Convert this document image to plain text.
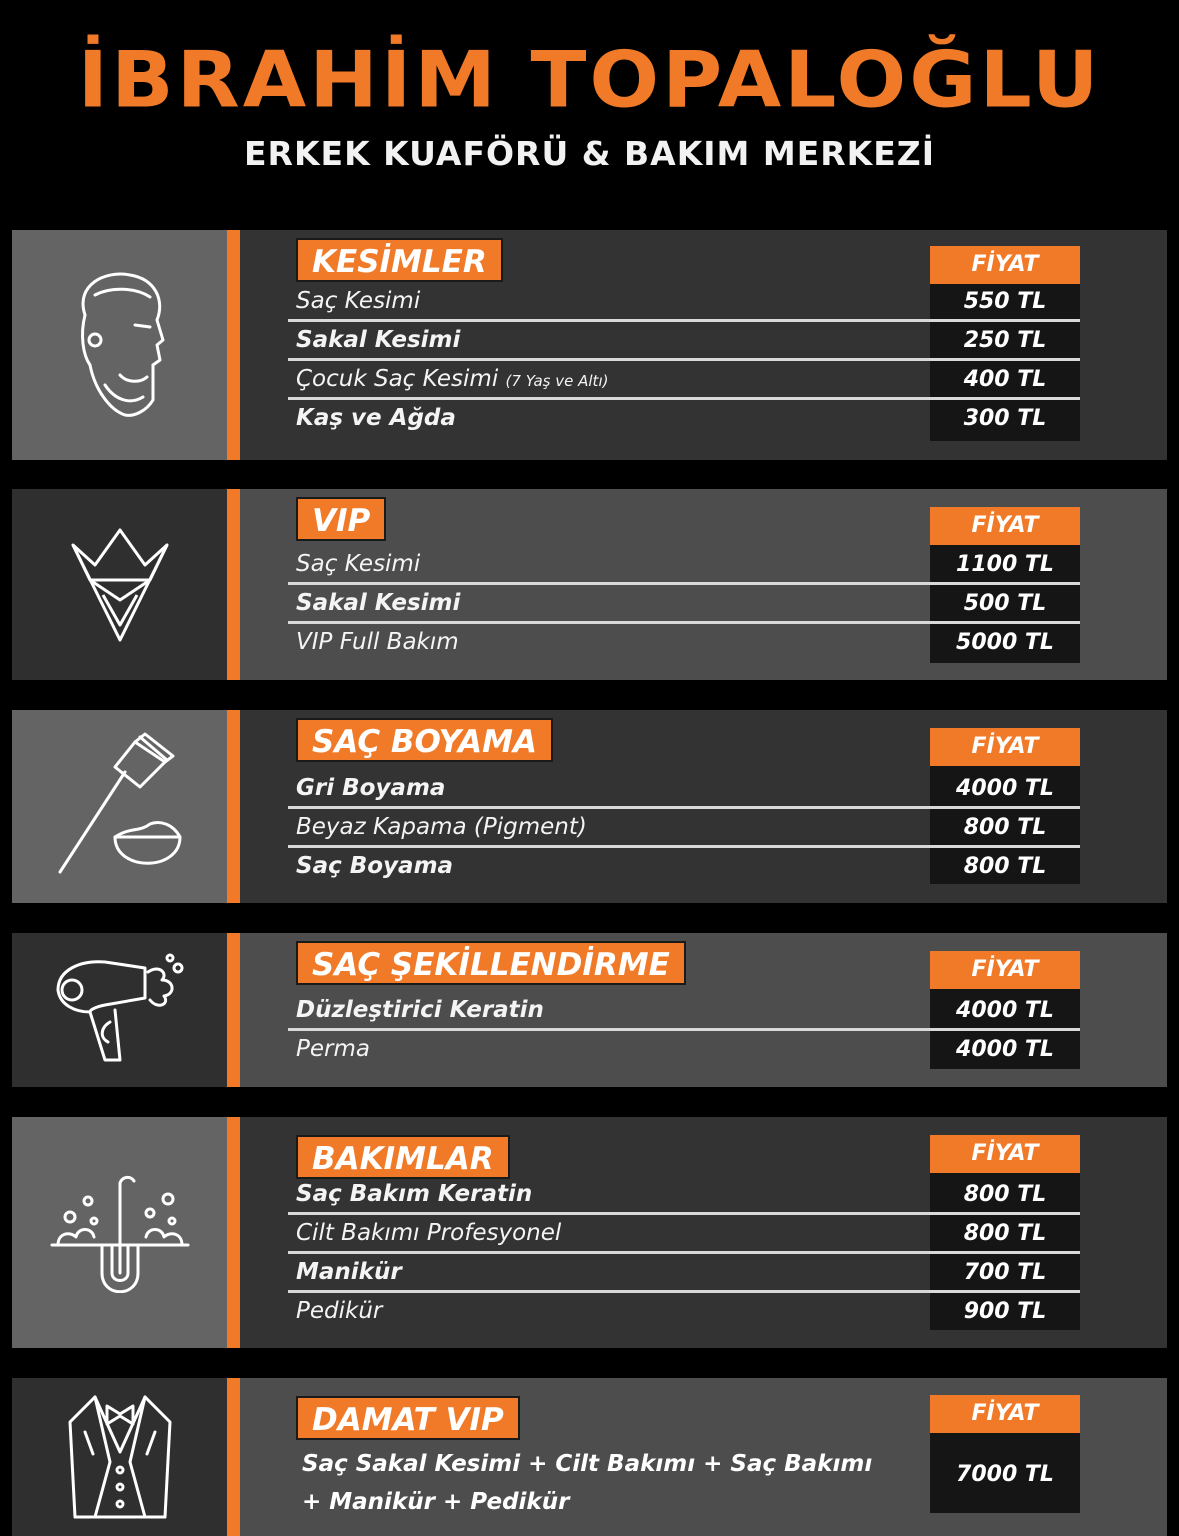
İBRAHİM TOPALOĞLU
ERKEK KUAFÖRÜ & BAKIM MERKEZİ
KESİMLER	FİYAT
Saç Kesimi	550 TL
Sakal Kesimi	250 TL
Çocuk Saç Kesimi (7 Yaş ve Altı)	400 TL
Kaş ve Ağda	300 TL
VIP	FİYAT
Saç Kesimi	1100 TL
Sakal Kesimi	500 TL
VIP Full Bakım	5000 TL
SAÇ BOYAMA	FİYAT
Gri Boyama	4000 TL
Beyaz Kapama (Pigment)	800 TL
Saç Boyama	800 TL
SAÇ ŞEKİLLENDİRME	FİYAT
Düzleştirici Keratin	4000 TL
Perma	4000 TL
BAKIMLAR	FİYAT
Saç Bakım Keratin	800 TL
Cilt Bakımı Profesyonel	800 TL
Manikür	700 TL
Pedikür	900 TL
DAMAT VIP	FİYAT
Saç Sakal Kesimi + Cilt Bakımı + Saç Bakımı
+ Manikür + Pedikür
7000 TL
